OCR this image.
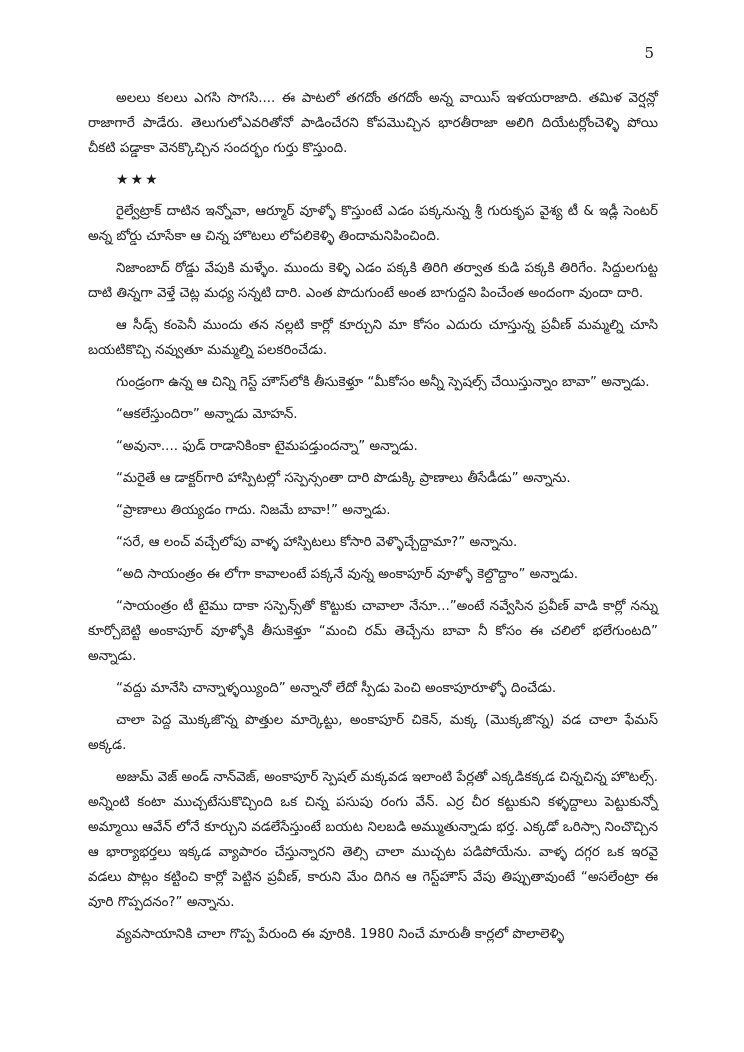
5

అలలు కలలు ఎగసి సొగసి.... ఈ పాటలో తగదోం తగదోం అన్న వాయిస్ ఇళయరాజాది. తమిళ వెర్షన్లో రాజాగారే పాడేరు. తెలుగులోఎవరితోనో పాడించేరని కోపమొచ్చిన భారతీరాజా అలిగి దియేటర్లోంచెళ్ళి పోయి చీకటి పడ్డాకా వెనక్కొచ్చిన సందర్భం గుర్తు కొస్తుంది.

★★★

రైల్వేట్రాక్ దాటిన ఇన్నోవా, ఆర్మూర్ వూళ్ళో కొస్తుంటే ఎడం పక్కనున్న శ్రీ గురుకృప వైశ్య టీ & ఇడ్లీ సెంటర్ అన్న బోర్డు చూసేకా ఆ చిన్న హొటలు లోపలికెళ్ళి తిందామనిపించింది.

నిజాంబాద్ రోడ్డు వేపుకి మళ్ళేం. ముందు కెళ్ళి ఎడం పక్కకి తిరిగి తర్వాత కుడి పక్కకి తిరిగేం. సిద్దులగుట్ట దాటి తిన్నగా వెళ్తే చెట్ల మధ్య సన్నటి దారి. ఎంత పొదుగుంటే అంత బాగుద్దని పించేంత అందంగా వుందా దారి.

ఆ సీడ్స్ కంపెనీ ముందు తన నల్లటి కార్లో కూర్చుని మా కోసం ఎదురు చూస్తున్న ప్రవీణ్ మమ్మల్ని చూసి బయటికొచ్చి నవ్వుతూ మమ్మల్ని పలకరించేడు.

గుండ్రంగా ఉన్న ఆ చిన్ని గెస్ట్ హౌస్‌లోకి తీసుకెళ్తూ “మీకోసం అన్నీ స్పెషల్స్ చేయిస్తున్నాం బావా” అన్నాడు.

“ఆకలేస్తుందిరా” అన్నాడు మోహన్.

“అవునా.... ఫుడ్ రాడానికింకా టైమపడ్తుందన్నా” అన్నాడు.

“మరైతే ఆ డాక్టర్‌గారి హాస్పిటల్లో సస్పెన్సంతా దారి పొడుక్కి ప్రాణాలు తీసేడీడు” అన్నాను.

“ప్రాణాలు తియ్యడం గాదు. నిజమే బావా!” అన్నాడు.

“సరే, ఆ లంచ్ వచ్చేలోపు వాళ్ళ హాస్పిటలు కోసారి వెళ్ళొచ్చేద్దామా?” అన్నాను.

“అది సాయంత్రం ఈ లోగా కావాలంటే పక్కనే వున్న అంకాపూర్ వూళ్ళో కెల్దొద్దాం” అన్నాడు.

“సాయంత్రం టీ టైము దాకా సస్పెన్స్‌తో కొట్టుకు చావాలా నేనూ...”అంటే నవ్వేసిన ప్రవీణ్ వాడి కార్లో నన్ను కూర్చోబెట్టి అంకాపూర్ వూళ్ళోకి తీసుకెళ్తూ “మంచి రమ్ తెచ్చేను బావా నీ కోసం ఈ చలిలో భలేగుంటది” అన్నాడు.

“వద్దు మానేసి చాన్నాళ్ళయ్యింది” అన్నానో లేదో స్పీడు పెంచి అంకాపూరూళ్ళో దించేడు.

చాలా పెద్ద మొక్కజొన్న పొత్తుల మార్కెట్టు, అంకాపూర్ చికెన్, మక్క (మొక్కజొన్న) వడ చాలా ఫేమస్ అక్కడ.

అజుమ్ వెజ్ అండ్ నాన్‌వెజ్, అంకాపూర్ స్పెషల్ మక్కవడ ఇలాంటి పేర్లతో ఎక్కడికక్కడ చిన్నచిన్న హొటల్స్. అన్నింటి కంటా ముచ్చటేసుకొచ్చింది ఒక చిన్న పసుపు రంగు వేన్. ఎర్ర చీర కట్టుకుని కళ్ళద్దాలు పెట్టుకున్నో అమ్మాయి ఆవేన్ లోనే కూర్చుని వడలేసేస్తుంటే బయట నిలబడి అమ్ముతున్నాడు భర్త. ఎక్కడో ఒరిస్సా నించొచ్చిన ఆ భార్యాభర్తలు ఇక్కడ వ్యాపారం చేస్తున్నారని తెల్సి చాలా ముచ్చట పడిపోయేను. వాళ్ళ దగ్గర ఒక ఇరవై వడలు పొట్లం కట్టించి కార్లో పెట్టిన ప్రవీణ్, కారుని మేం దిగిన ఆ గెస్ట్‌హౌస్ వేపు తిప్పుతావుంటే “అసలేంట్రా ఈ వూరి గొప్పదనం?” అన్నాను.

వ్యవసాయానికి చాలా గొప్ప పేరుంది ఈ వూరికి. 1980 నించే మారుతీ కార్లలో పొలాలెళ్ళి
